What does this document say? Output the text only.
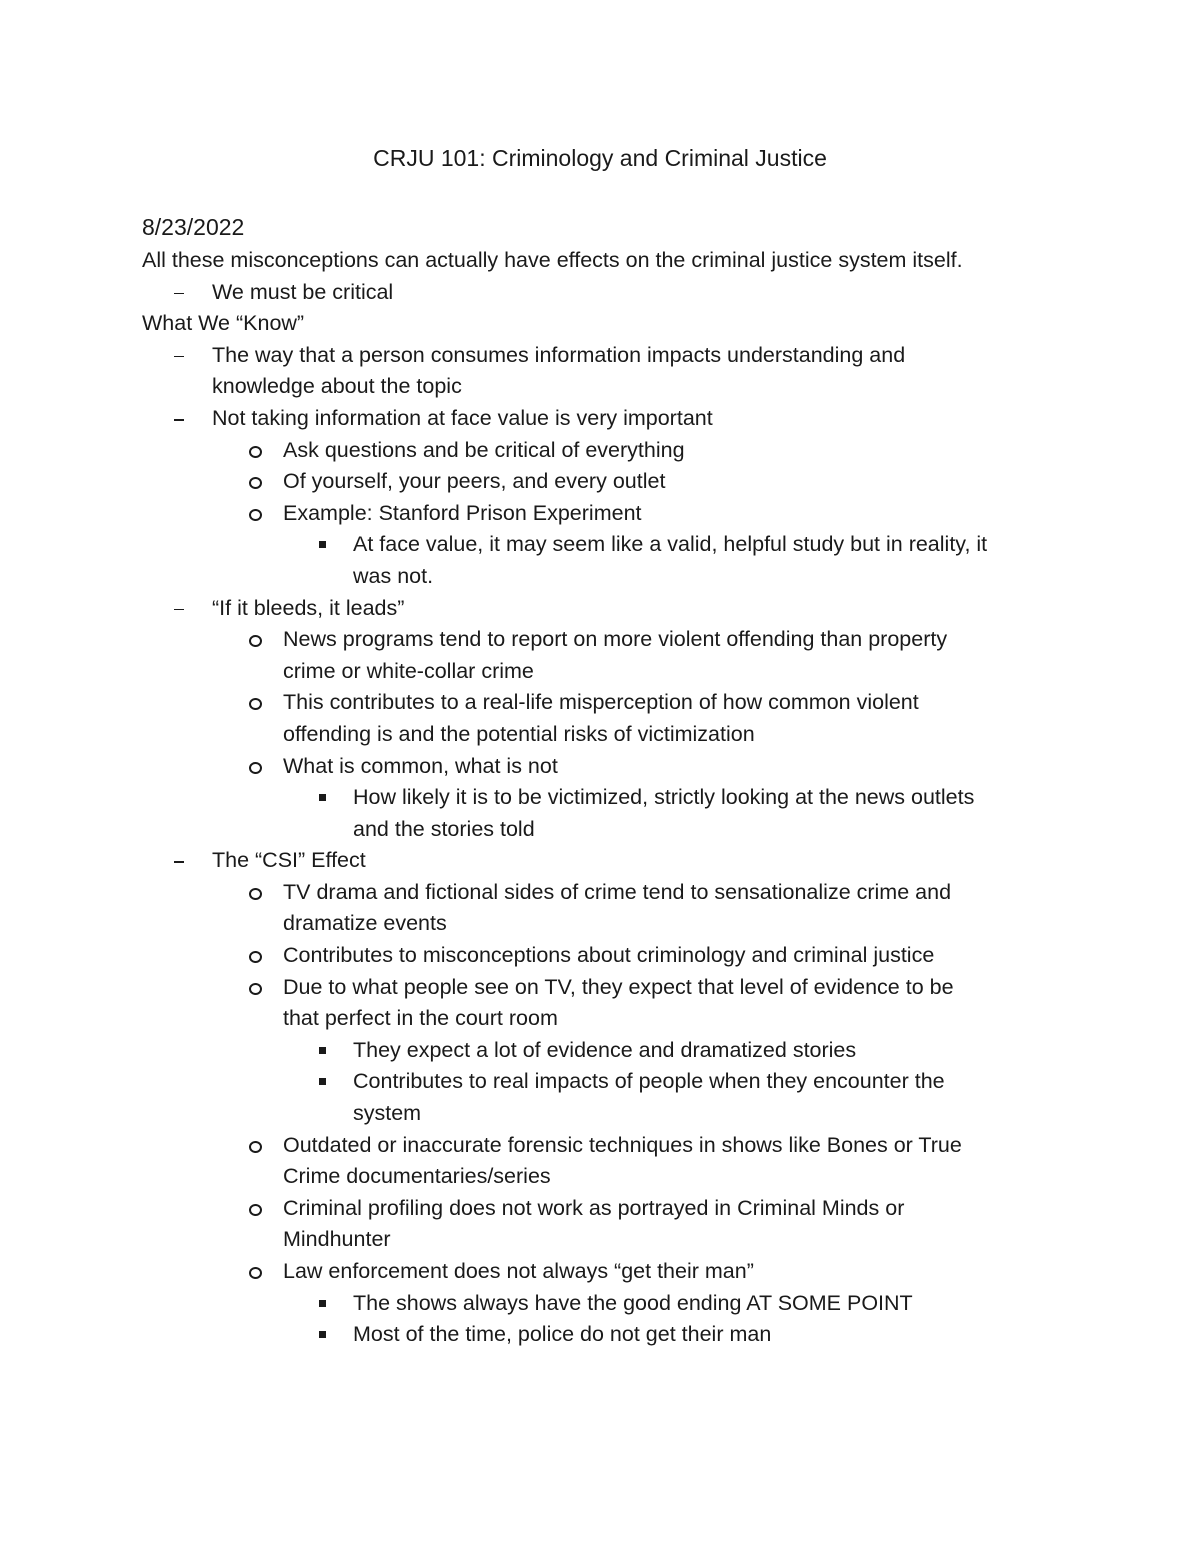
CRJU 101: Criminology and Criminal Justice
8/23/2022
All these misconceptions can actually have effects on the criminal justice system itself.
We must be critical
What We “Know”
The way that a person consumes information impacts understanding and
knowledge about the topic
Not taking information at face value is very important
Ask questions and be critical of everything
Of yourself, your peers, and every outlet
Example: Stanford Prison Experiment
At face value, it may seem like a valid, helpful study but in reality, it
was not.
“If it bleeds, it leads”
News programs tend to report on more violent offending than property
crime or white-collar crime
This contributes to a real-life misperception of how common violent
offending is and the potential risks of victimization
What is common, what is not
How likely it is to be victimized, strictly looking at the news outlets
and the stories told
The “CSI” Effect
TV drama and fictional sides of crime tend to sensationalize crime and
dramatize events
Contributes to misconceptions about criminology and criminal justice
Due to what people see on TV, they expect that level of evidence to be
that perfect in the court room
They expect a lot of evidence and dramatized stories
Contributes to real impacts of people when they encounter the
system
Outdated or inaccurate forensic techniques in shows like Bones or True
Crime documentaries/series
Criminal profiling does not work as portrayed in Criminal Minds or
Mindhunter
Law enforcement does not always “get their man”
The shows always have the good ending AT SOME POINT
Most of the time, police do not get their man
